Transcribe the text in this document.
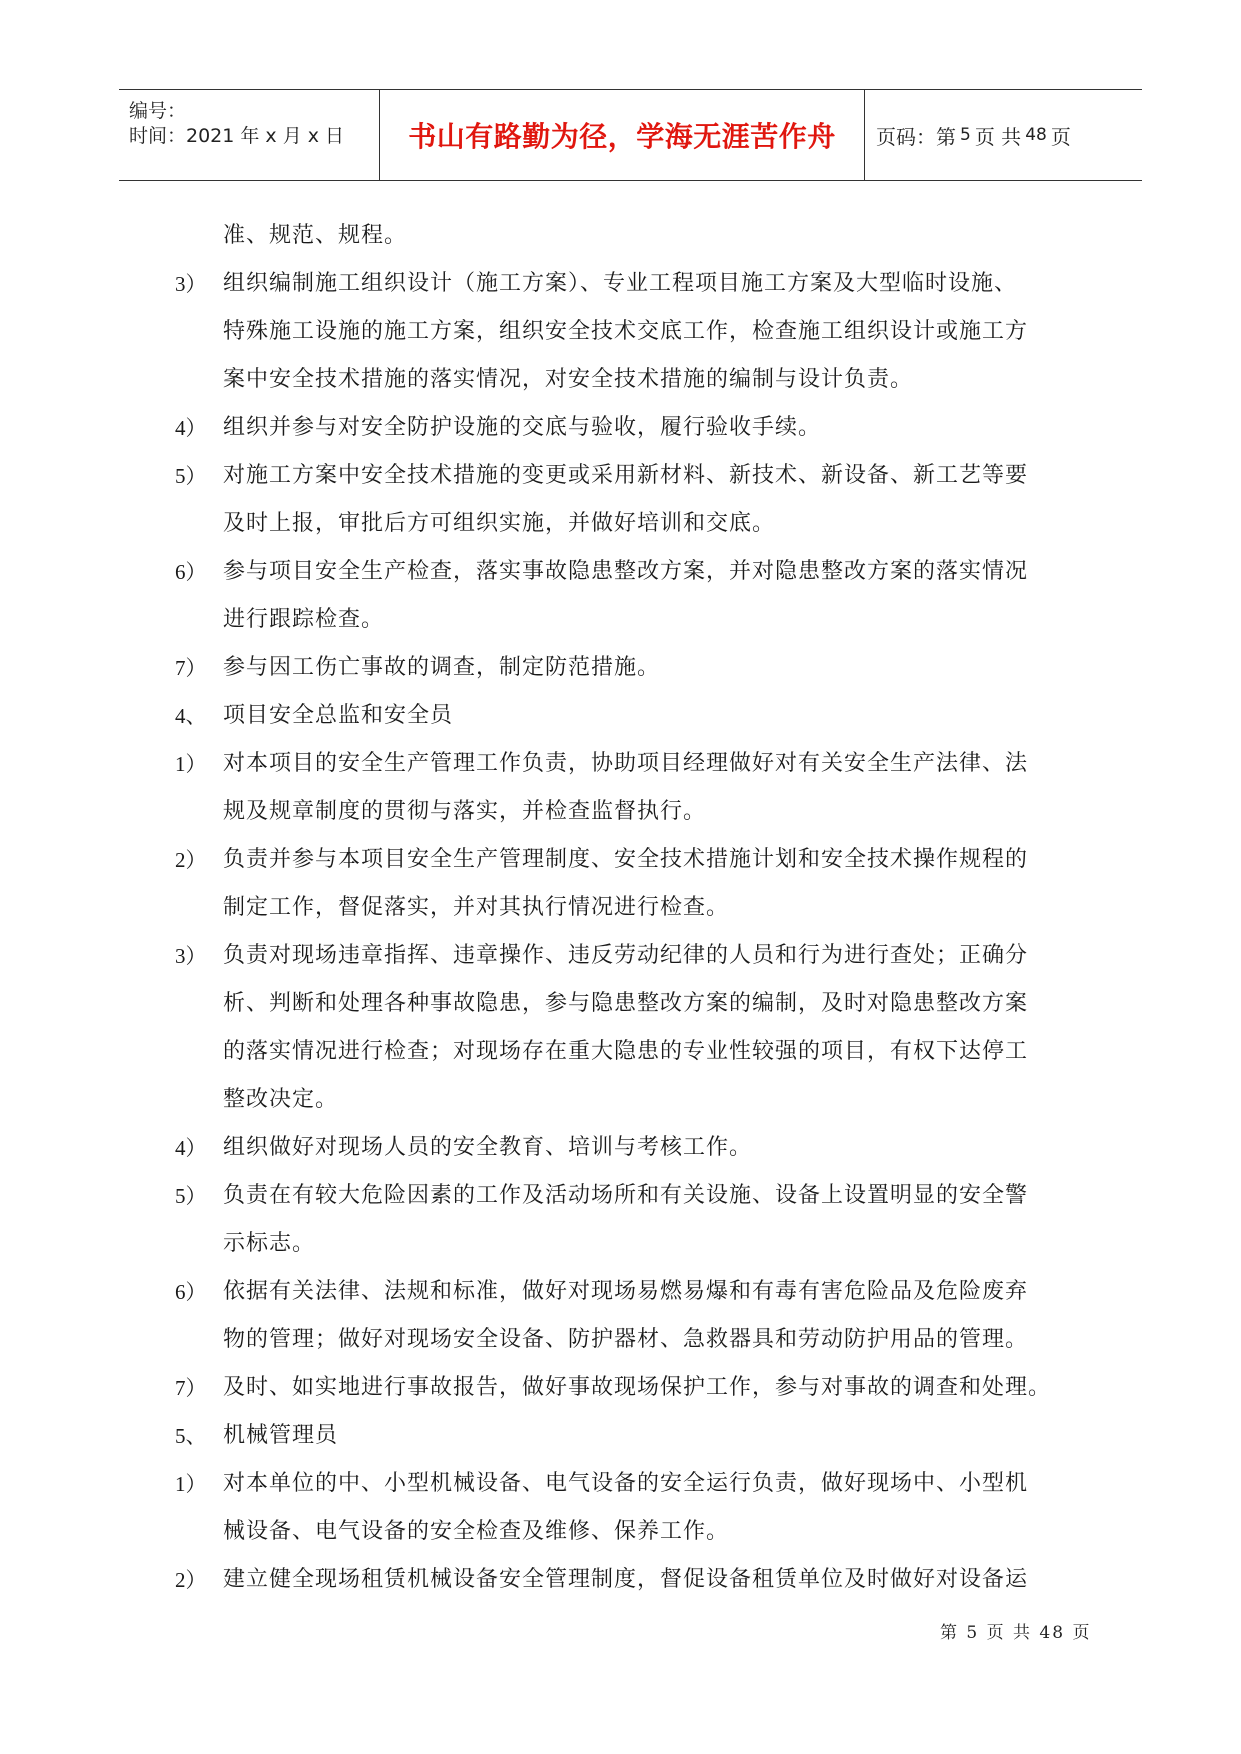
编号：
时间：2021 年 x 月 x 日	书山有路勤为径，学海无涯苦作舟	页码：第 5 页 共 48 页
准、规范、规程。
3） 组织编制施工组织设计（施工方案）、专业工程项目施工方案及大型临时设施、
特殊施工设施的施工方案，组织安全技术交底工作，检查施工组织设计或施工方
案中安全技术措施的落实情况，对安全技术措施的编制与设计负责。
4） 组织并参与对安全防护设施的交底与验收，履行验收手续。
5） 对施工方案中安全技术措施的变更或采用新材料、新技术、新设备、新工艺等要
及时上报，审批后方可组织实施，并做好培训和交底。
6） 参与项目安全生产检查，落实事故隐患整改方案，并对隐患整改方案的落实情况
进行跟踪检查。
7） 参与因工伤亡事故的调查，制定防范措施。
4、 项目安全总监和安全员
1） 对本项目的安全生产管理工作负责，协助项目经理做好对有关安全生产法律、法
规及规章制度的贯彻与落实，并检查监督执行。
2） 负责并参与本项目安全生产管理制度、安全技术措施计划和安全技术操作规程的
制定工作，督促落实，并对其执行情况进行检查。
3） 负责对现场违章指挥、违章操作、违反劳动纪律的人员和行为进行查处；正确分
析、判断和处理各种事故隐患，参与隐患整改方案的编制，及时对隐患整改方案
的落实情况进行检查；对现场存在重大隐患的专业性较强的项目，有权下达停工
整改决定。
4） 组织做好对现场人员的安全教育、培训与考核工作。
5） 负责在有较大危险因素的工作及活动场所和有关设施、设备上设置明显的安全警
示标志。
6） 依据有关法律、法规和标准，做好对现场易燃易爆和有毒有害危险品及危险废弃
物的管理；做好对现场安全设备、防护器材、急救器具和劳动防护用品的管理。
7） 及时、如实地进行事故报告，做好事故现场保护工作，参与对事故的调查和处理。
5、 机械管理员
1） 对本单位的中、小型机械设备、电气设备的安全运行负责，做好现场中、小型机
械设备、电气设备的安全检查及维修、保养工作。
2） 建立健全现场租赁机械设备安全管理制度，督促设备租赁单位及时做好对设备运
第 5 页 共 48 页
